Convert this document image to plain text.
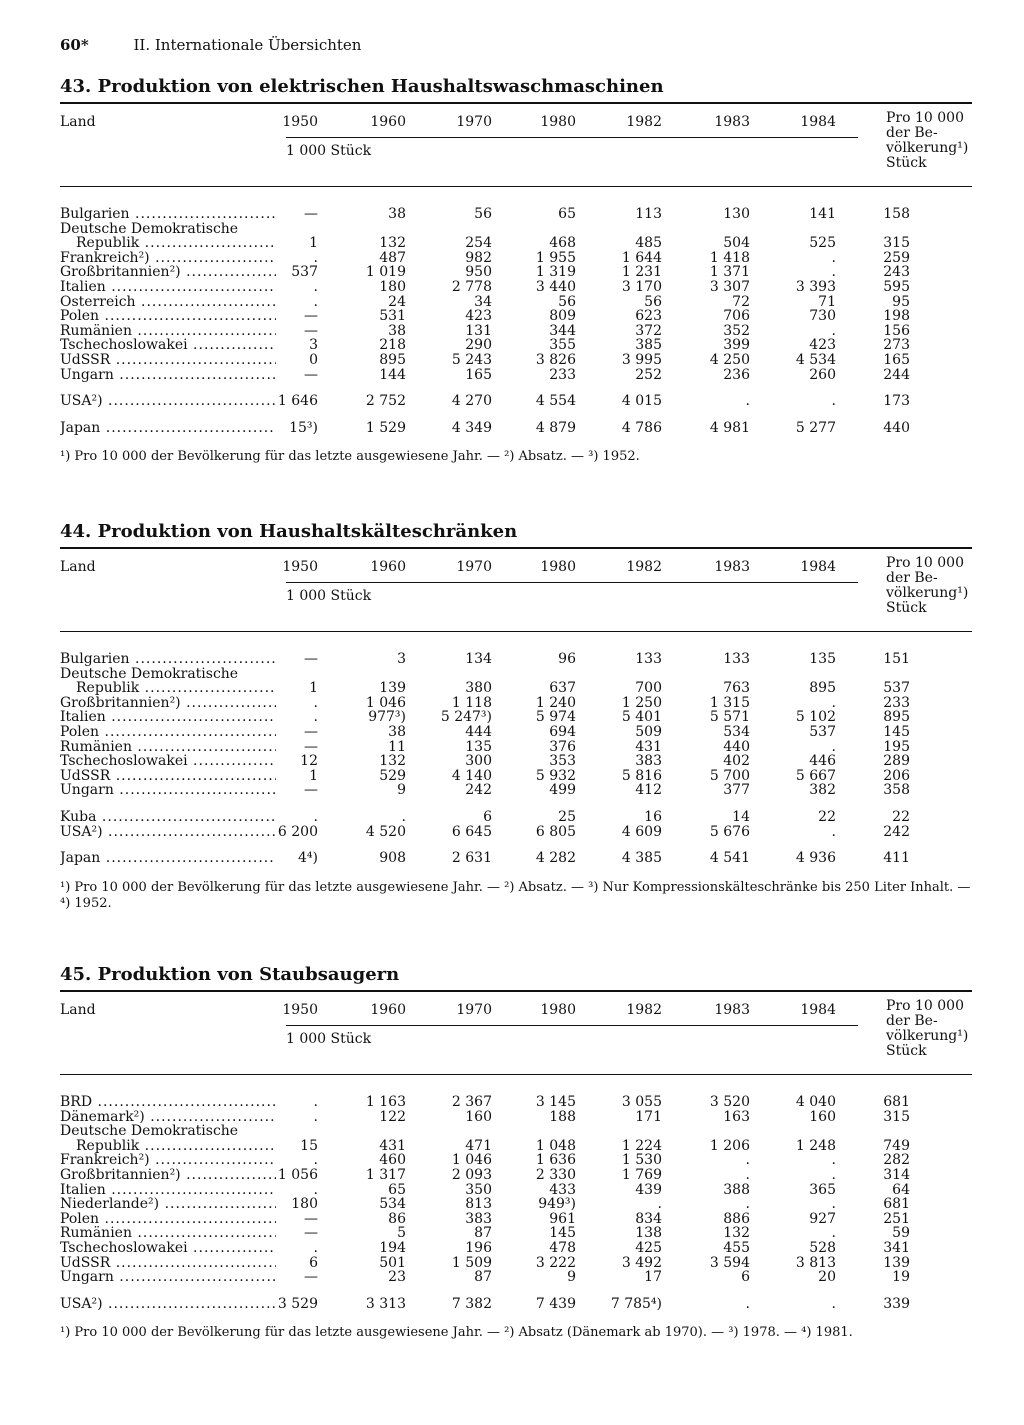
60*	II. Internationale Übersichten
43. Produktion von elektrischen Haushaltswaschmaschinen
Land	1950	1960	1970	1980	1982	1983	1984
1 000 Stück
Pro 10 000
der Be-
völkerung¹)
Stück
Bulgarien .....	—	38	56	65	113	130	141	158
Deutsche Demokratische
Republik .....	1	132	254	468	485	504	525	315
Frankreich²) .....	.	487	982	1 955	1 644	1 418	.	259
Großbritannien²) .....	537	1 019	950	1 319	1 231	1 371	.	243
Italien .....	.	180	2 778	3 440	3 170	3 307	3 393	595
Österreich .....	.	24	34	56	56	72	71	95
Polen .....	—	531	423	809	623	706	730	198
Rumänien .....	—	38	131	344	372	352	.	156
Tschechoslowakei .....	3	218	290	355	385	399	423	273
UdSSR .....	0	895	5 243	3 826	3 995	4 250	4 534	165
Ungarn .....	—	144	165	233	252	236	260	244
USA²) .....	1 646	2 752	4 270	4 554	4 015	.	.	173
Japan .....	15³)	1 529	4 349	4 879	4 786	4 981	5 277	440
¹) Pro 10 000 der Bevölkerung für das letzte ausgewiesene Jahr. — ²) Absatz. — ³) 1952.
44. Produktion von Haushaltskälteschränken
Land	1950	1960	1970	1980	1982	1983	1984
1 000 Stück
Pro 10 000
der Be-
völkerung¹)
Stück
Bulgarien .....	—	3	134	96	133	133	135	151
Deutsche Demokratische
Republik .....	1	139	380	637	700	763	895	537
Großbritannien²) .....	.	1 046	1 118	1 240	1 250	1 315	.	233
Italien .....	.	977³)	5 247³)	5 974	5 401	5 571	5 102	895
Polen .....	—	38	444	694	509	534	537	145
Rumänien .....	—	11	135	376	431	440	.	195
Tschechoslowakei .....	12	132	300	353	383	402	446	289
UdSSR .....	1	529	4 140	5 932	5 816	5 700	5 667	206
Ungarn .....	—	9	242	499	412	377	382	358
Kuba .....	.	.	6	25	16	14	22	22
USA²) .....	6 200	4 520	6 645	6 805	4 609	5 676	.	242
Japan .....	4⁴)	908	2 631	4 282	4 385	4 541	4 936	411
¹) Pro 10 000 der Bevölkerung für das letzte ausgewiesene Jahr. — ²) Absatz. — ³) Nur Kompressionskälteschränke bis 250 Liter Inhalt. — ⁴) 1952.
45. Produktion von Staubsaugern
Land	1950	1960	1970	1980	1982	1983	1984
1 000 Stück
Pro 10 000
der Be-
völkerung¹)
Stück
BRD .....	.	1 163	2 367	3 145	3 055	3 520	4 040	681
Dänemark²) .....	.	122	160	188	171	163	160	315
Deutsche Demokratische
Republik .....	15	431	471	1 048	1 224	1 206	1 248	749
Frankreich²) .....	.	460	1 046	1 636	1 530	.	.	282
Großbritannien²) .....	1 056	1 317	2 093	2 330	1 769	.	.	314
Italien .....	.	65	350	433	439	388	365	64
Niederlande²) .....	180	534	813	949³)	.	.	.	681
Polen .....	—	86	383	961	834	886	927	251
Rumänien .....	—	5	87	145	138	132	.	59
Tschechoslowakei .....	.	194	196	478	425	455	528	341
UdSSR .....	6	501	1 509	3 222	3 492	3 594	3 813	139
Ungarn .....	—	23	87	9	17	6	20	19
USA²) .....	3 529	3 313	7 382	7 439	7 785⁴)	.	.	339
¹) Pro 10 000 der Bevölkerung für das letzte ausgewiesene Jahr. — ²) Absatz (Dänemark ab 1970). — ³) 1978. — ⁴) 1981.
